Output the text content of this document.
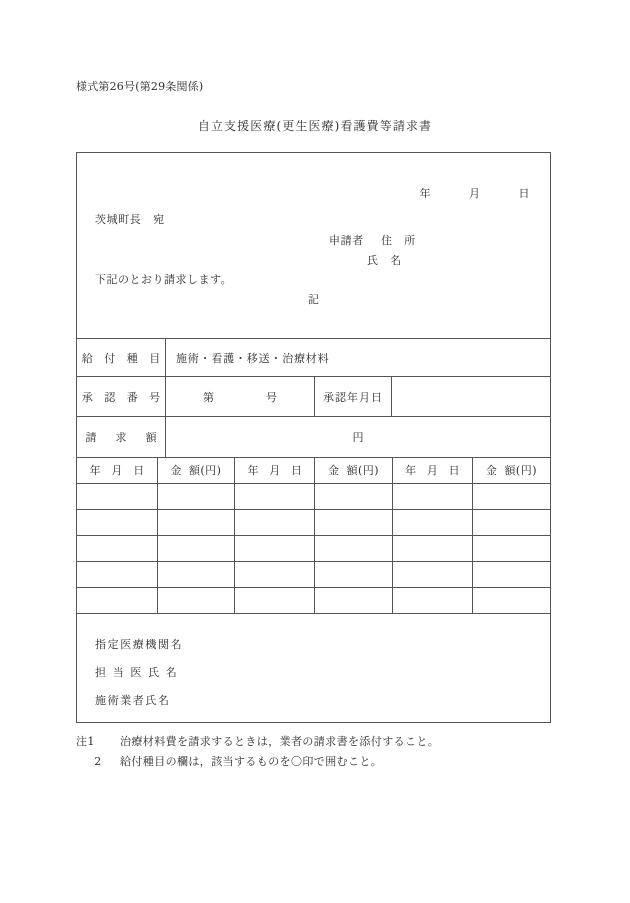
様式第26号(第29条関係)
自立支援医療(更生医療)看護費等請求書
年	月	日
茨城町長　宛
申請者 住　所
氏　名
下記のとおり請求します。
記
給 付 種 目	施術・看護・移送・治療材料
承 認 番 号	第	号	承認年月日
請　求　額	円
年 月 日	金 額(円)	年 月 日	金 額(円)	年 月 日	金 額(円)

指定医療機関名
担 当 医 氏 名
施術業者氏名
注1	治療材料費を請求するときは，業者の請求書を添付すること。
2	給付種目の欄は，該当するものを〇印で囲むこと。
